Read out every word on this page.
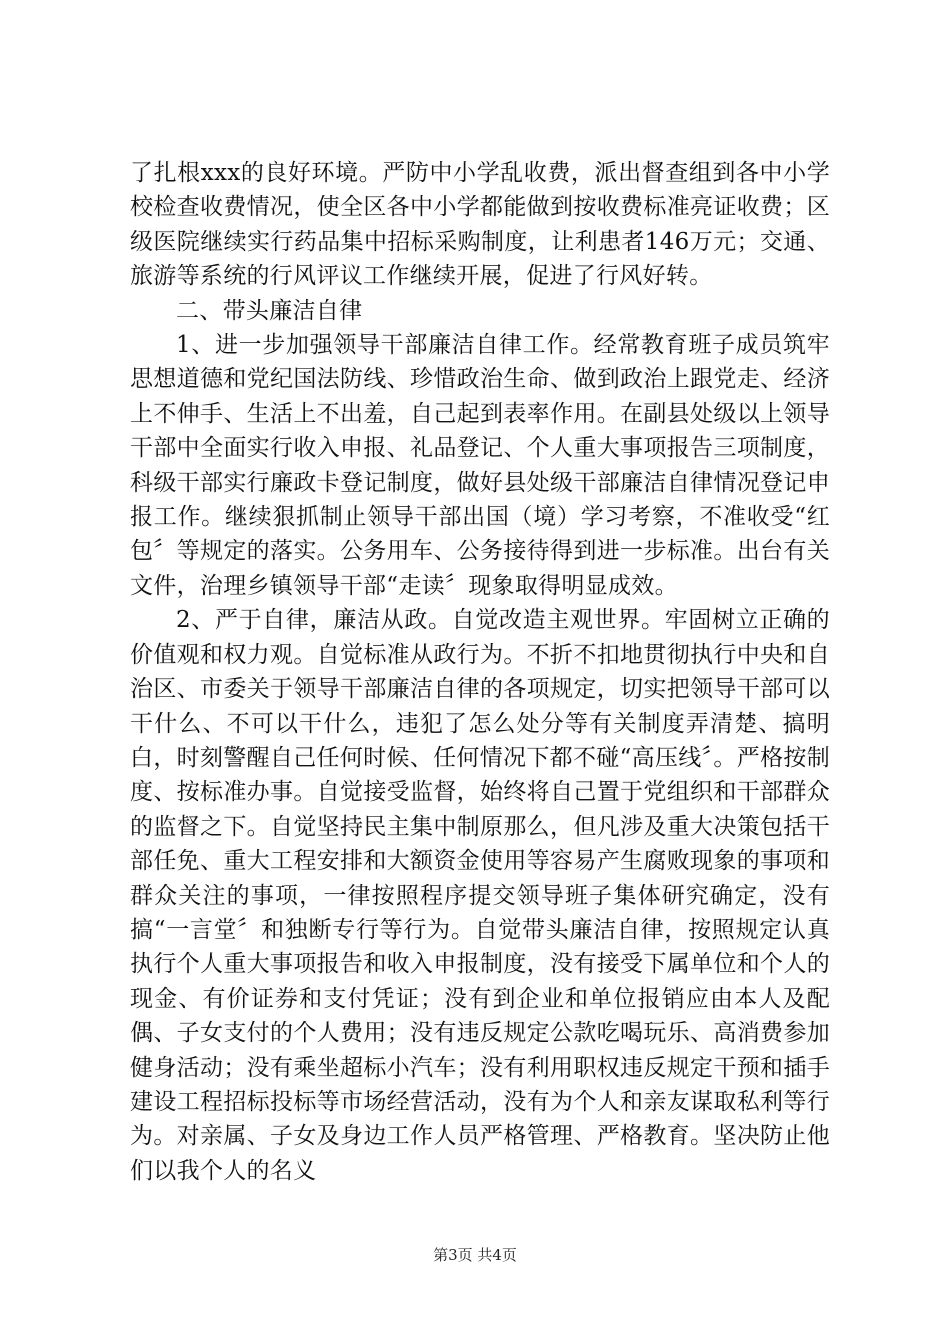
了扎根xxx的良好环境。严防中小学乱收费，派出督查组到各中小学校检查收费情况，使全区各中小学都能做到按收费标准亮证收费；区级医院继续实行药品集中招标采购制度，让利患者146万元；交通、旅游等系统的行风评议工作继续开展，促进了行风好转。

二、带头廉洁自律

1、进一步加强领导干部廉洁自律工作。经常教育班子成员筑牢思想道德和党纪国法防线、珍惜政治生命、做到政治上跟党走、经济上不伸手、生活上不出羞，自己起到表率作用。在副县处级以上领导干部中全面实行收入申报、礼品登记、个人重大事项报告三项制度，科级干部实行廉政卡登记制度，做好县处级干部廉洁自律情况登记申报工作。继续狠抓制止领导干部出国（境）学习考察，不准收受“红包〞等规定的落实。公务用车、公务接待得到进一步标准。出台有关文件，治理乡镇领导干部“走读〞现象取得明显成效。

2、严于自律，廉洁从政。自觉改造主观世界。牢固树立正确的价值观和权力观。自觉标准从政行为。不折不扣地贯彻执行中央和自治区、市委关于领导干部廉洁自律的各项规定，切实把领导干部可以干什么、不可以干什么，违犯了怎么处分等有关制度弄清楚、搞明白，时刻警醒自己任何时候、任何情况下都不碰“高压线〞。严格按制度、按标准办事。自觉接受监督，始终将自己置于党组织和干部群众的监督之下。自觉坚持民主集中制原那么，但凡涉及重大决策包括干部任免、重大工程安排和大额资金使用等容易产生腐败现象的事项和群众关注的事项，一律按照程序提交领导班子集体研究确定，没有搞“一言堂〞和独断专行等行为。自觉带头廉洁自律，按照规定认真执行个人重大事项报告和收入申报制度，没有接受下属单位和个人的现金、有价证券和支付凭证；没有到企业和单位报销应由本人及配偶、子女支付的个人费用；没有违反规定公款吃喝玩乐、高消费参加健身活动；没有乘坐超标小汽车；没有利用职权违反规定干预和插手建设工程招标投标等市场经营活动，没有为个人和亲友谋取私利等行为。对亲属、子女及身边工作人员严格管理、严格教育。坚决防止他们以我个人的名义

第3页 共4页
